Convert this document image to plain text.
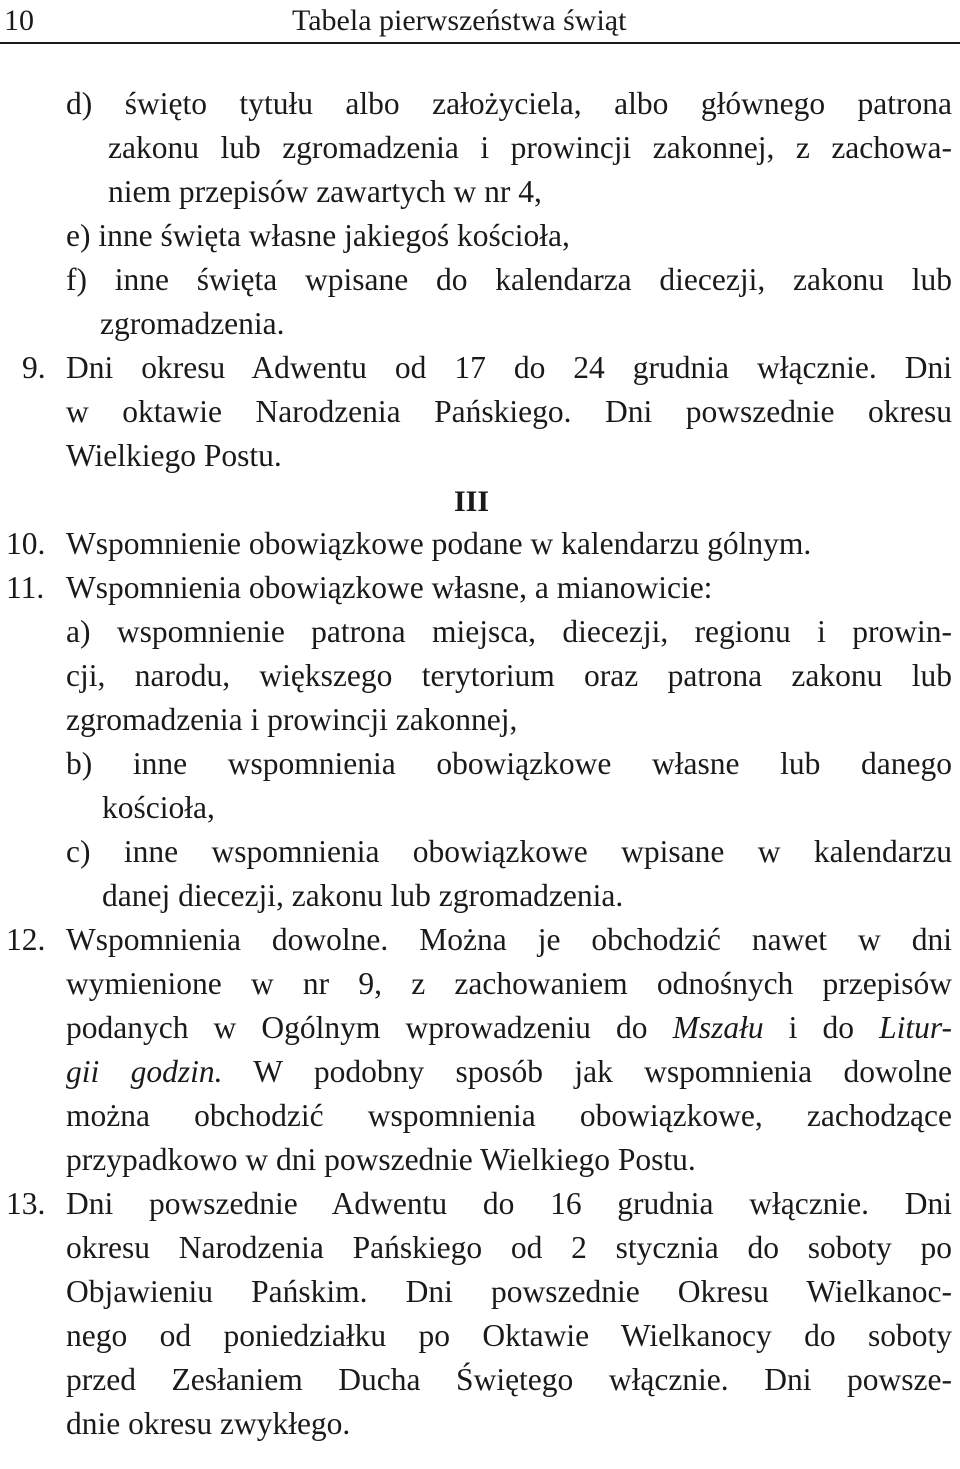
10	Tabela pierwszeństwa świąt
d) święto tytułu albo założyciela, albo głównego patrona
zakonu lub zgromadzenia i prowincji zakonnej, z zachowa-
niem przepisów zawartych w nr 4,
e) inne święta własne jakiegoś kościoła,
f) inne święta wpisane do kalendarza diecezji, zakonu lub
zgromadzenia.
9. Dni okresu Adwentu od 17 do 24 grudnia włącznie. Dni
w oktawie Narodzenia Pańskiego. Dni powszednie okresu
Wielkiego Postu.
III
10. Wspomnienie obowiązkowe podane w kalendarzu gólnym.
11. Wspomnienia obowiązkowe własne, a mianowicie:
a) wspomnienie patrona miejsca, diecezji, regionu i prowin-
cji, narodu, większego terytorium oraz patrona zakonu lub
zgromadzenia i prowincji zakonnej,
b) inne wspomnienia obowiązkowe własne lub danego
kościoła,
c) inne wspomnienia obowiązkowe wpisane w kalendarzu
danej diecezji, zakonu lub zgromadzenia.
12. Wspomnienia dowolne. Można je obchodzić nawet w dni
wymienione w nr 9, z zachowaniem odnośnych przepisów
podanych w Ogólnym wprowadzeniu do Mszału i do Litur-
gii godzin. W podobny sposób jak wspomnienia dowolne
można obchodzić wspomnienia obowiązkowe, zachodzące
przypadkowo w dni powszednie Wielkiego Postu.
13. Dni powszednie Adwentu do 16 grudnia włącznie. Dni
okresu Narodzenia Pańskiego od 2 stycznia do soboty po
Objawieniu Pańskim. Dni powszednie Okresu Wielkanoc-
nego od poniedziałku po Oktawie Wielkanocy do soboty
przed Zesłaniem Ducha Świętego włącznie. Dni powsze-
dnie okresu zwykłego.
